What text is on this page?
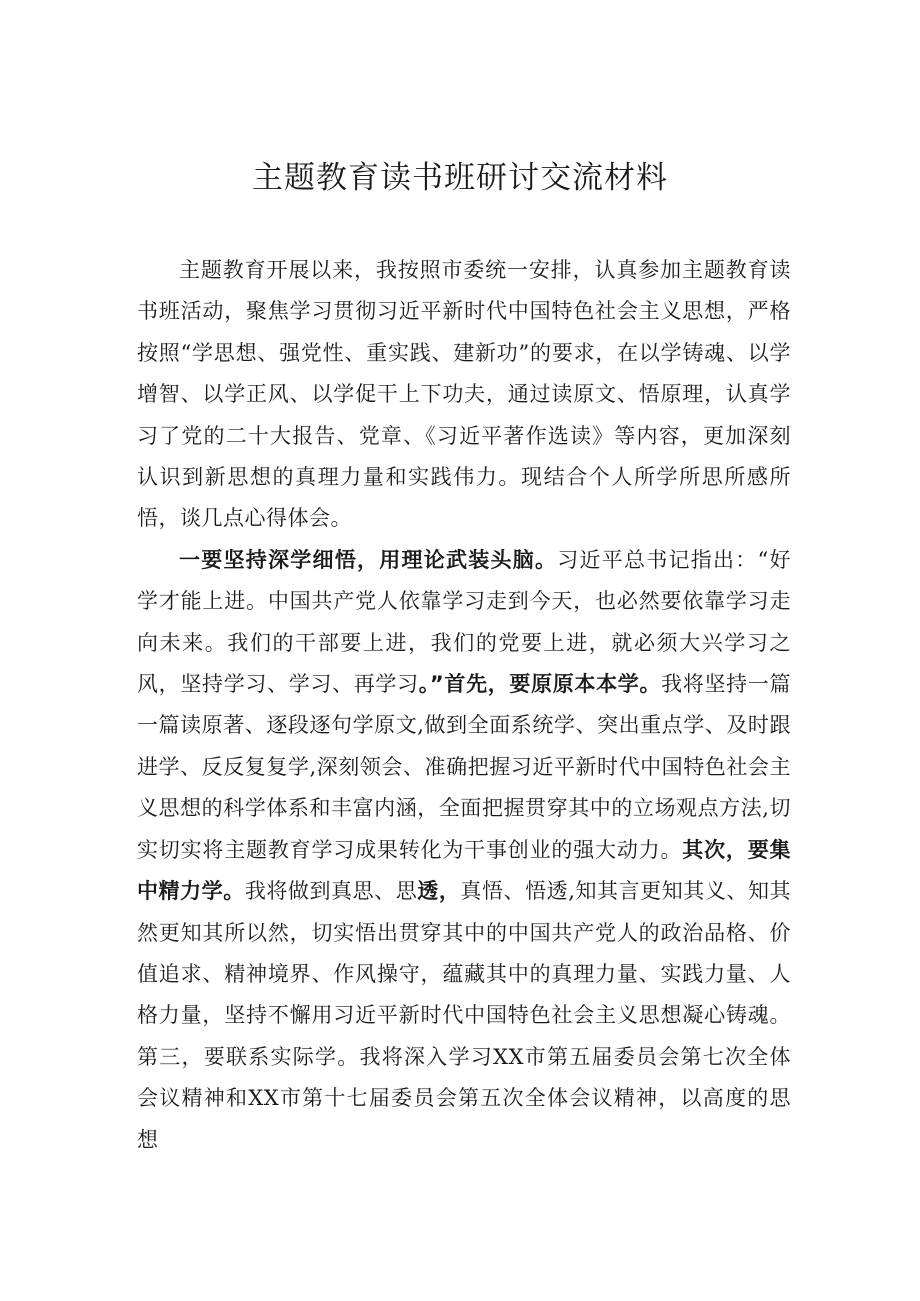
主题教育读书班研讨交流材料

主题教育开展以来，我按照市委统一安排，认真参加主题教育读书班活动，聚焦学习贯彻习近平新时代中国特色社会主义思想，严格按照“学思想、强党性、重实践、建新功”的要求，在以学铸魂、以学增智、以学正风、以学促干上下功夫，通过读原文、悟原理，认真学习了党的二十大报告、党章、《习近平著作选读》等内容，更加深刻认识到新思想的真理力量和实践伟力。现结合个人所学所思所感所悟，谈几点心得体会。

一要坚持深学细悟，用理论武装头脑。习近平总书记指出：“好学才能上进。中国共产党人依靠学习走到今天，也必然要依靠学习走向未来。我们的干部要上进，我们的党要上进，就必须大兴学习之风，坚持学习、学习、再学习。”首先，要原原本本学。我将坚持一篇一篇读原著、逐段逐句学原文,做到全面系统学、突出重点学、及时跟进学、反反复复学,深刻领会、准确把握习近平新时代中国特色社会主义思想的科学体系和丰富内涵，全面把握贯穿其中的立场观点方法,切实切实将主题教育学习成果转化为干事创业的强大动力。其次，要集中精力学。我将做到真思、思透，真悟、悟透,知其言更知其义、知其然更知其所以然，切实悟出贯穿其中的中国共产党人的政治品格、价值追求、精神境界、作风操守，蕴藏其中的真理力量、实践力量、人格力量，坚持不懈用习近平新时代中国特色社会主义思想凝心铸魂。第三，要联系实际学。我将深入学习XX市第五届委员会第七次全体会议精神和XX市第十七届委员会第五次全体会议精神，以高度的思想
